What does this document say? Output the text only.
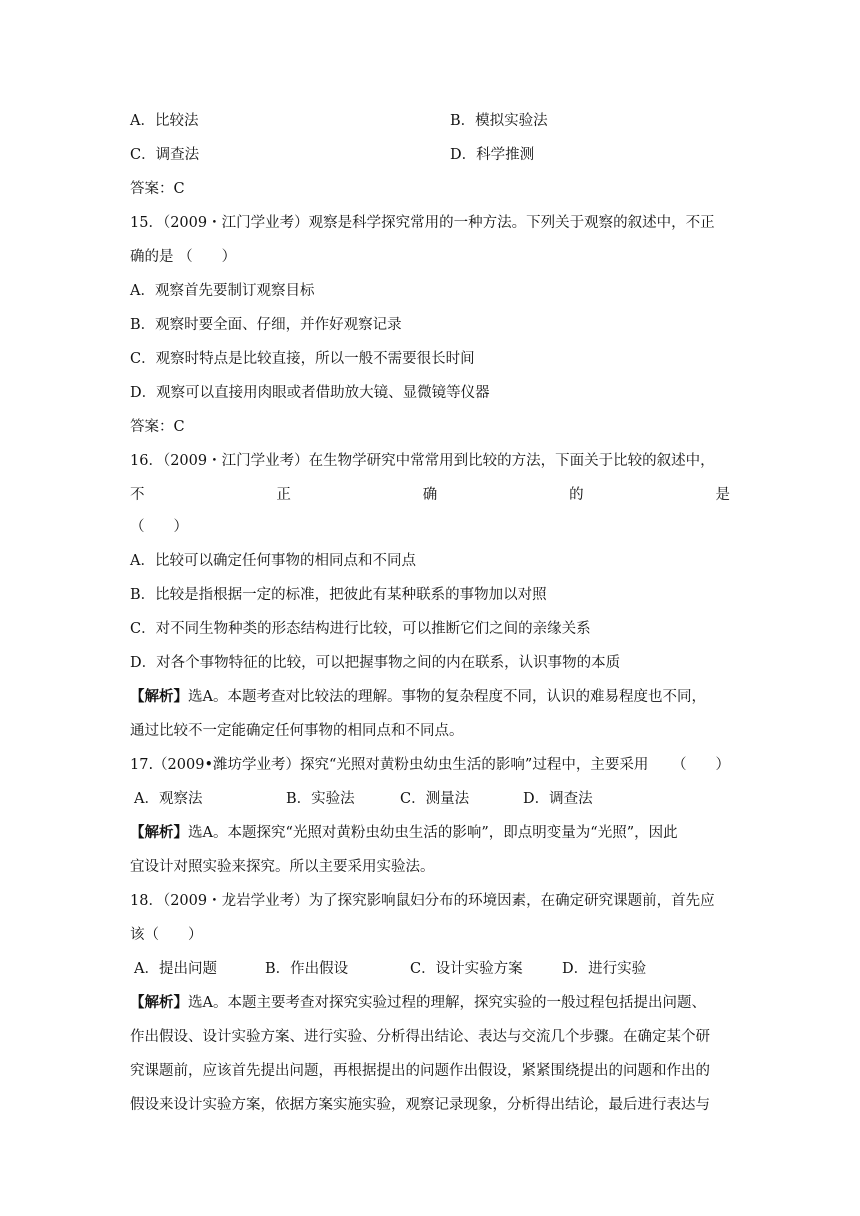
A．比较法	B．模拟实验法
C．调查法	D．科学推测
答案：C
15．（2009・江门学业考）观察是科学探究常用的一种方法。下列关于观察的叙述中，不正
确的是 （　　）
A．观察首先要制订观察目标
B．观察时要全面、仔细，并作好观察记录
C．观察时特点是比较直接，所以一般不需要很长时间
D．观察可以直接用肉眼或者借助放大镜、显微镜等仪器
答案：C
16．（2009・江门学业考）在生物学研究中常常用到比较的方法，下面关于比较的叙述中，
不	正	确	的	是
（　　）
A．比较可以确定任何事物的相同点和不同点
B．比较是指根据一定的标准，把彼此有某种联系的事物加以对照
C．对不同生物种类的形态结构进行比较，可以推断它们之间的亲缘关系
D．对各个事物特征的比较，可以把握事物之间的内在联系，认识事物的本质
【解析】选A。本题考查对比较法的理解。事物的复杂程度不同，认识的难易程度也不同，
通过比较不一定能确定任何事物的相同点和不同点。
17.（2009•潍坊学业考）探究“光照对黄粉虫幼虫生活的影响”过程中，主要采用 （　　）
A．观察法	B．实验法	C．测量法	D．调查法
【解析】选A。本题探究“光照对黄粉虫幼虫生活的影响”，即点明变量为“光照”，因此
宜设计对照实验来探究。所以主要采用实验法。
18．（2009・龙岩学业考）为了探究影响鼠妇分布的环境因素，在确定研究课题前，首先应
该（　　）
A．提出问题	B．作出假设	C．设计实验方案	D．进行实验
【解析】选A。本题主要考查对探究实验过程的理解，探究实验的一般过程包括提出问题、
作出假设、设计实验方案、进行实验、分析得出结论、表达与交流几个步骤。在确定某个研
究课题前，应该首先提出问题，再根据提出的问题作出假设，紧紧围绕提出的问题和作出的
假设来设计实验方案，依据方案实施实验，观察记录现象，分析得出结论，最后进行表达与
